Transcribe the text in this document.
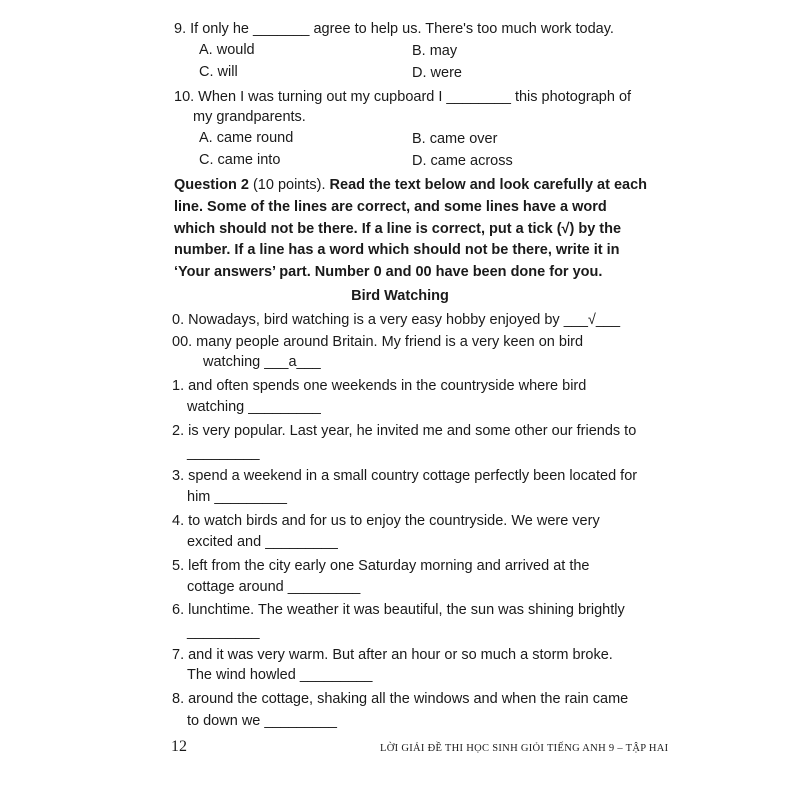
9. If only he _______ agree to help us. There's too much work today.
A. would	B. may
C. will	D. were
10. When I was turning out my cupboard I ________ this photograph of
my grandparents.
A. came round	B. came over
C. came into	D. came across
Question 2 (10 points). Read the text below and look carefully at each
line. Some of the lines are correct, and some lines have a word
which should not be there. If a line is correct, put a tick (√) by the
number. If a line has a word which should not be there, write it in
‘Your answers’ part. Number 0 and 00 have been done for you.
Bird Watching
0. Nowadays, bird watching is a very easy hobby enjoyed by ___√___
00. many people around Britain. My friend is a very keen on bird
watching ___a___
1. and often spends one weekends in the countryside where bird
watching _________
2. is very popular. Last year, he invited me and some other our friends to
_________
3. spend a weekend in a small country cottage perfectly been located for
him _________
4. to watch birds and for us to enjoy the countryside. We were very
excited and _________
5. left from the city early one Saturday morning and arrived at the
cottage around _________
6. lunchtime. The weather it was beautiful, the sun was shining brightly
_________
7. and it was very warm. But after an hour or so much a storm broke.
The wind howled _________
8. around the cottage, shaking all the windows and when the rain came
to down we _________
12	LỜI GIẢI ĐỀ THI HỌC SINH GIỎI TIẾNG ANH 9 – TẬP HAI
